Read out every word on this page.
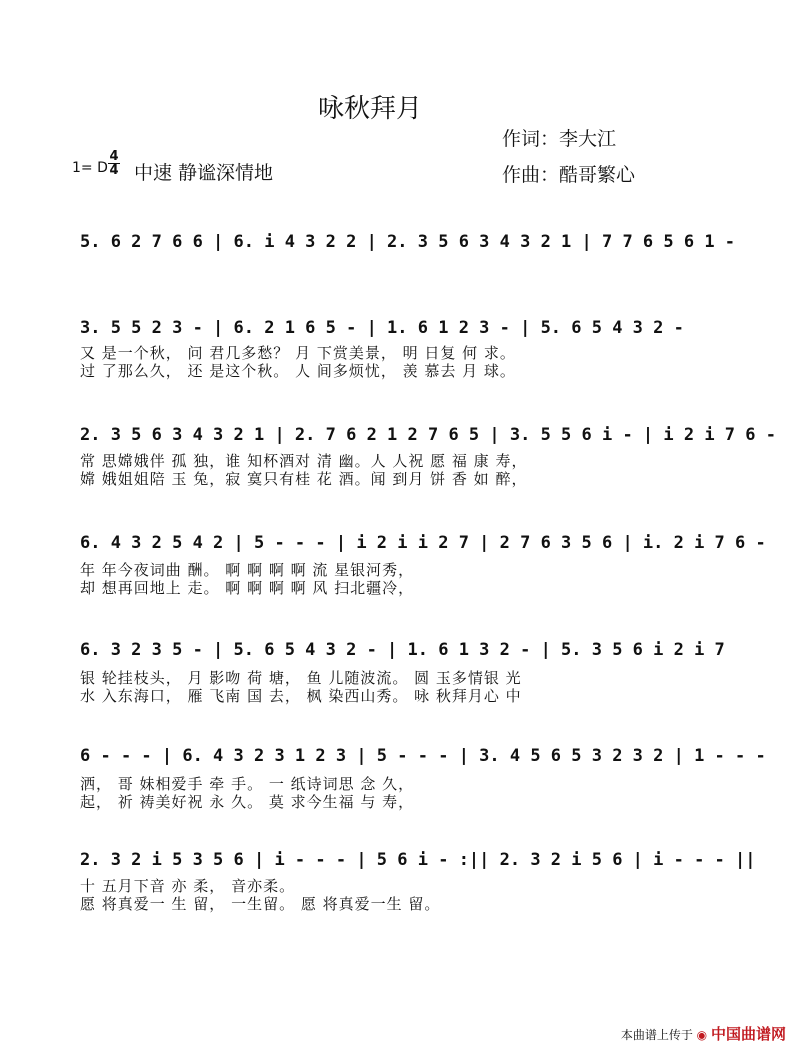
咏秋拜月
作词：李大江
作曲：酷哥繁心
1= D $\frac{4}{4}$ 中速 静谧深情地
5. 6 2 7 6 6 | 6. i 4 3 2 2 | 2. 3 5 6 3 4 3 2 1 | 7 7 6 5 6 1 -
3. 5 5 2 3 - | 6. 2 1 6 5 - | 1. 6 1 2 3 - | 5. 6 5 4 3 2 -
又 是一个秋， 问 君几多愁？ 月 下赏美景， 明 日复 何 求。
过 了那么久， 还 是这个秋。 人 间多烦忧， 羡 慕去 月 球。
2. 3 5 6 3 4 3 2 1 | 2. 7 6 2 1 2 7 6 5 | 3. 5 5 6 i - | i 2 i 7 6 -
常 思嫦娥伴 孤 独，谁 知杯酒对 清 幽。人 人祝 愿 福 康 寿，
嫦 娥姐姐陪 玉 兔，寂 寞只有桂 花 酒。闻 到月 饼 香 如 醉，
6. 4 3 2 5 4 2 | 5 - - - | i 2 i i 2 7 | 2 7 6 3 5 6 | i. 2 i 7 6 -
年 年今夜词曲 酬。 啊 啊 啊 啊 流 星银河秀，
却 想再回地上 走。 啊 啊 啊 啊 风 扫北疆冷，
6. 3 2 3 5 - | 5. 6 5 4 3 2 - | 1. 6 1 3 2 - | 5. 3 5 6 i 2 i 7
银 轮挂枝头， 月 影吻 荷 塘， 鱼 儿随波流。 圆 玉多情银 光
水 入东海口， 雁 飞南 国 去， 枫 染西山秀。 咏 秋拜月心 中
6 - - - | 6. 4 3 2 3 1 2 3 | 5 - - - | 3. 4 5 6 5 3 2 3 2 | 1 - - -
洒， 哥 妹相爱手 牵 手。 一 纸诗词思 念 久，
起， 祈 祷美好祝 永 久。 莫 求今生福 与 寿，
2. 3 2 i 5 3 5 6 | i - - - | 5 6 i - :|| 2. 3 2 i 5 6 | i - - - ||
十 五月下音 亦 柔， 音亦柔。
愿 将真爱一 生 留， 一生留。 愿 将真爱一生 留。
本曲谱上传于 ◉ 中国曲谱网
